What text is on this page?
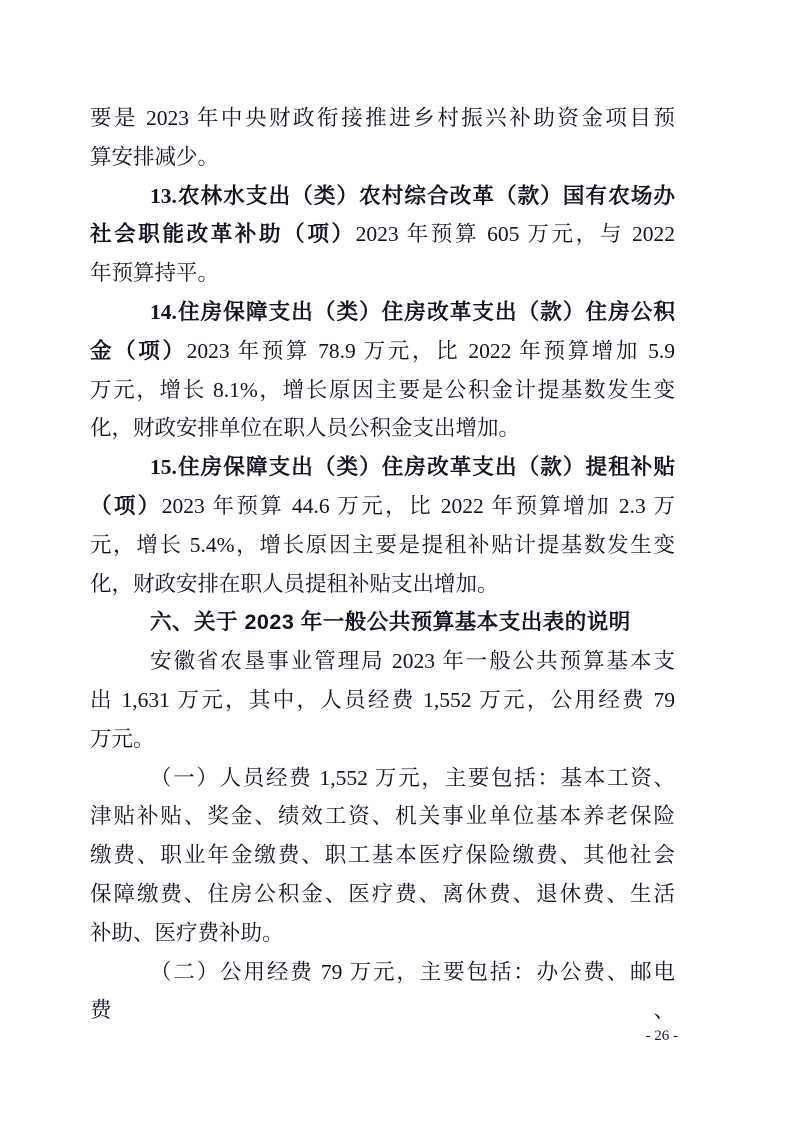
要是 2023 年中央财政衔接推进乡村振兴补助资金项目预
算安排减少。
13.农林水支出（类）农村综合改革（款）国有农场办
社会职能改革补助（项）2023 年预算 605 万元，与 2022
年预算持平。
14.住房保障支出（类）住房改革支出（款）住房公积
金（项）2023 年预算 78.9 万元，比 2022 年预算增加 5.9
万元，增长 8.1%，增长原因主要是公积金计提基数发生变
化，财政安排单位在职人员公积金支出增加。
15.住房保障支出（类）住房改革支出（款）提租补贴
（项）2023 年预算 44.6 万元，比 2022 年预算增加 2.3 万
元，增长 5.4%，增长原因主要是提租补贴计提基数发生变
化，财政安排在职人员提租补贴支出增加。
六、关于 2023 年一般公共预算基本支出表的说明
安徽省农垦事业管理局 2023 年一般公共预算基本支
出 1,631 万元，其中，人员经费 1,552 万元，公用经费 79
万元。
（一）人员经费 1,552 万元，主要包括：基本工资、
津贴补贴、奖金、绩效工资、机关事业单位基本养老保险
缴费、职业年金缴费、职工基本医疗保险缴费、其他社会
保障缴费、住房公积金、医疗费、离休费、退休费、生活
补助、医疗费补助。
（二）公用经费 79 万元，主要包括：办公费、邮电费、
- 26 -
